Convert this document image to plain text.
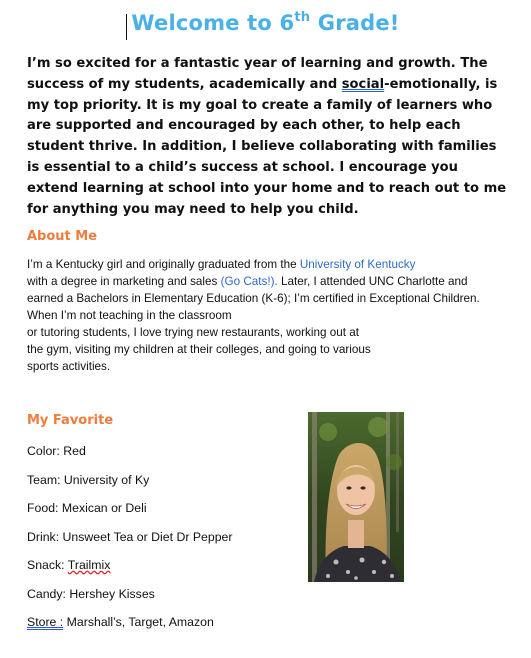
Welcome to 6th Grade!
I’m so excited for a fantastic year of learning and growth. The success of my students, academically and social-emotionally, is my top priority. It is my goal to create a family of learners who are supported and encouraged by each other, to help each student thrive. In addition, I believe collaborating with families is essential to a child’s success at school. I encourage you extend learning at school into your home and to reach out to me for anything you may need to help you child.
About Me
I’m a Kentucky girl and originally graduated from the University of Kentucky
with a degree in marketing and sales (Go Cats!). Later, I attended UNC Charlotte and earned a Bachelors in Elementary Education (K-6); I’m certified in Exceptional Children. When I’m not teaching in the classroom
or tutoring students, I love trying new restaurants, working out at
the gym, visiting my children at their colleges, and going to various
sports activities.
My Favorite
Color: Red
Team: University of Ky
Food: Mexican or Deli
Drink: Unsweet Tea or Diet Dr Pepper
Snack: Trailmix
Candy: Hershey Kisses
Store : Marshall’s, Target, Amazon
